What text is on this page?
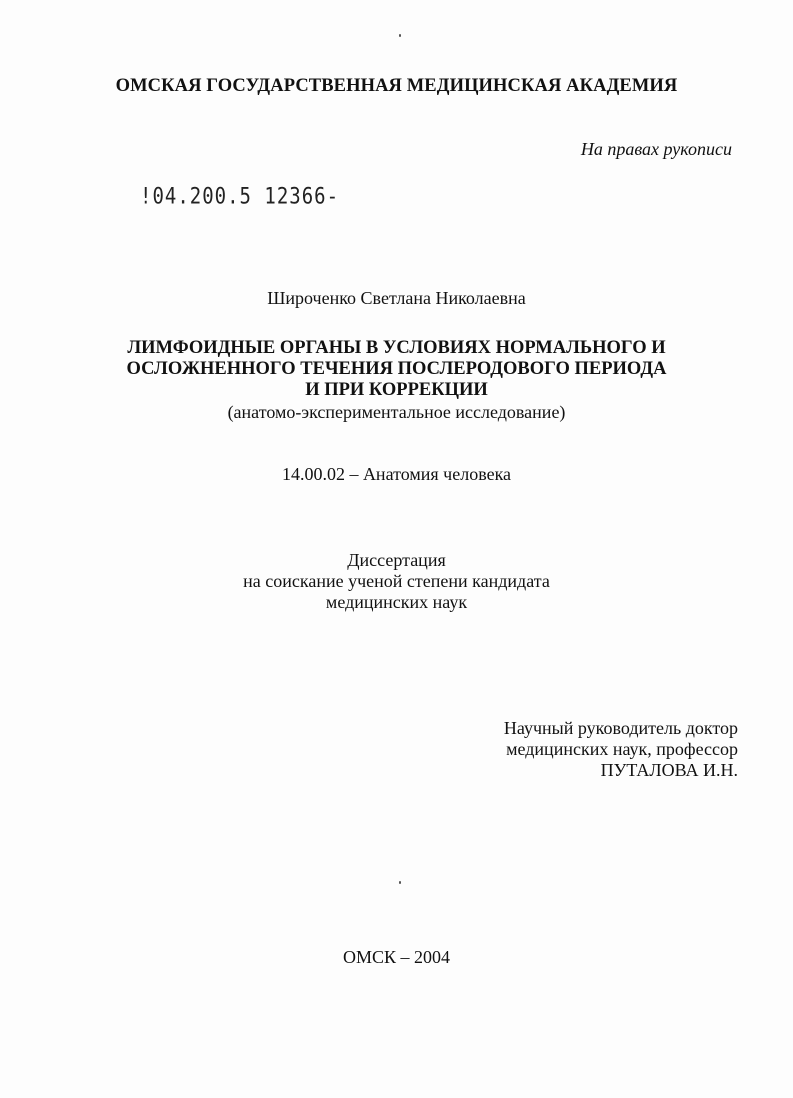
ОМСКАЯ ГОСУДАРСТВЕННАЯ МЕДИЦИНСКАЯ АКАДЕМИЯ
На правах рукописи
!04.200.5 12366-
Широченко Светлана Николаевна
ЛИМФОИДНЫЕ ОРГАНЫ В УСЛОВИЯХ НОРМАЛЬНОГО И
ОСЛОЖНЕННОГО ТЕЧЕНИЯ ПОСЛЕРОДОВОГО ПЕРИОДА
И ПРИ КОРРЕКЦИИ
(анатомо-экспериментальное исследование)
14.00.02 – Анатомия человека
Диссертация
на соискание ученой степени кандидата
медицинских наук
Научный руководитель доктор
медицинских наук, профессор
ПУТАЛОВА И.Н.
ОМСК – 2004
